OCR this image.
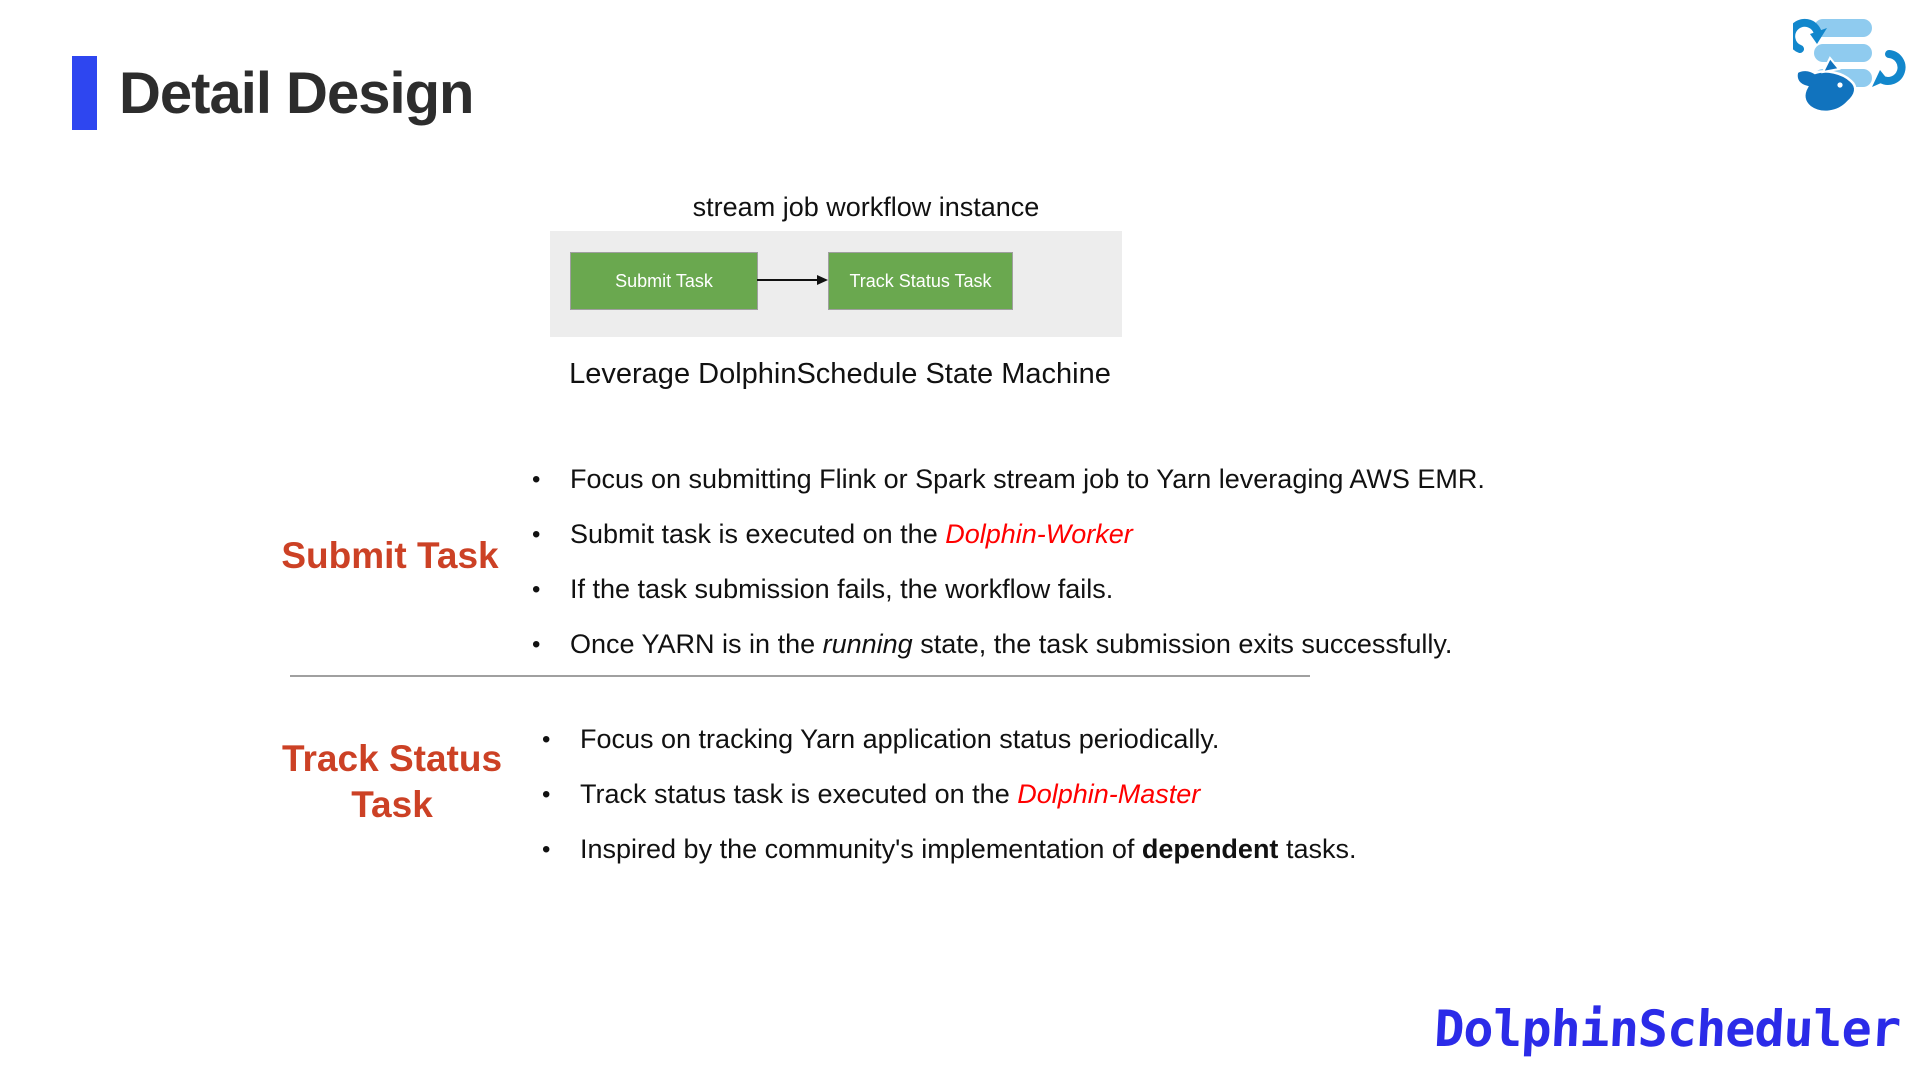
Detail Design
stream job workflow instance
Submit Task	Track Status Task
Leverage DolphinSchedule State Machine
Submit Task
• Focus on submitting Flink or Spark stream job to Yarn leveraging AWS EMR.
• Submit task is executed on the Dolphin-Worker
• If the task submission fails, the workflow fails.
• Once YARN is in the running state, the task submission exits successfully.
Track Status Task
• Focus on tracking Yarn application status periodically.
• Track status task is executed on the Dolphin-Master
• Inspired by the community's implementation of dependent tasks.
DolphinScheduler
